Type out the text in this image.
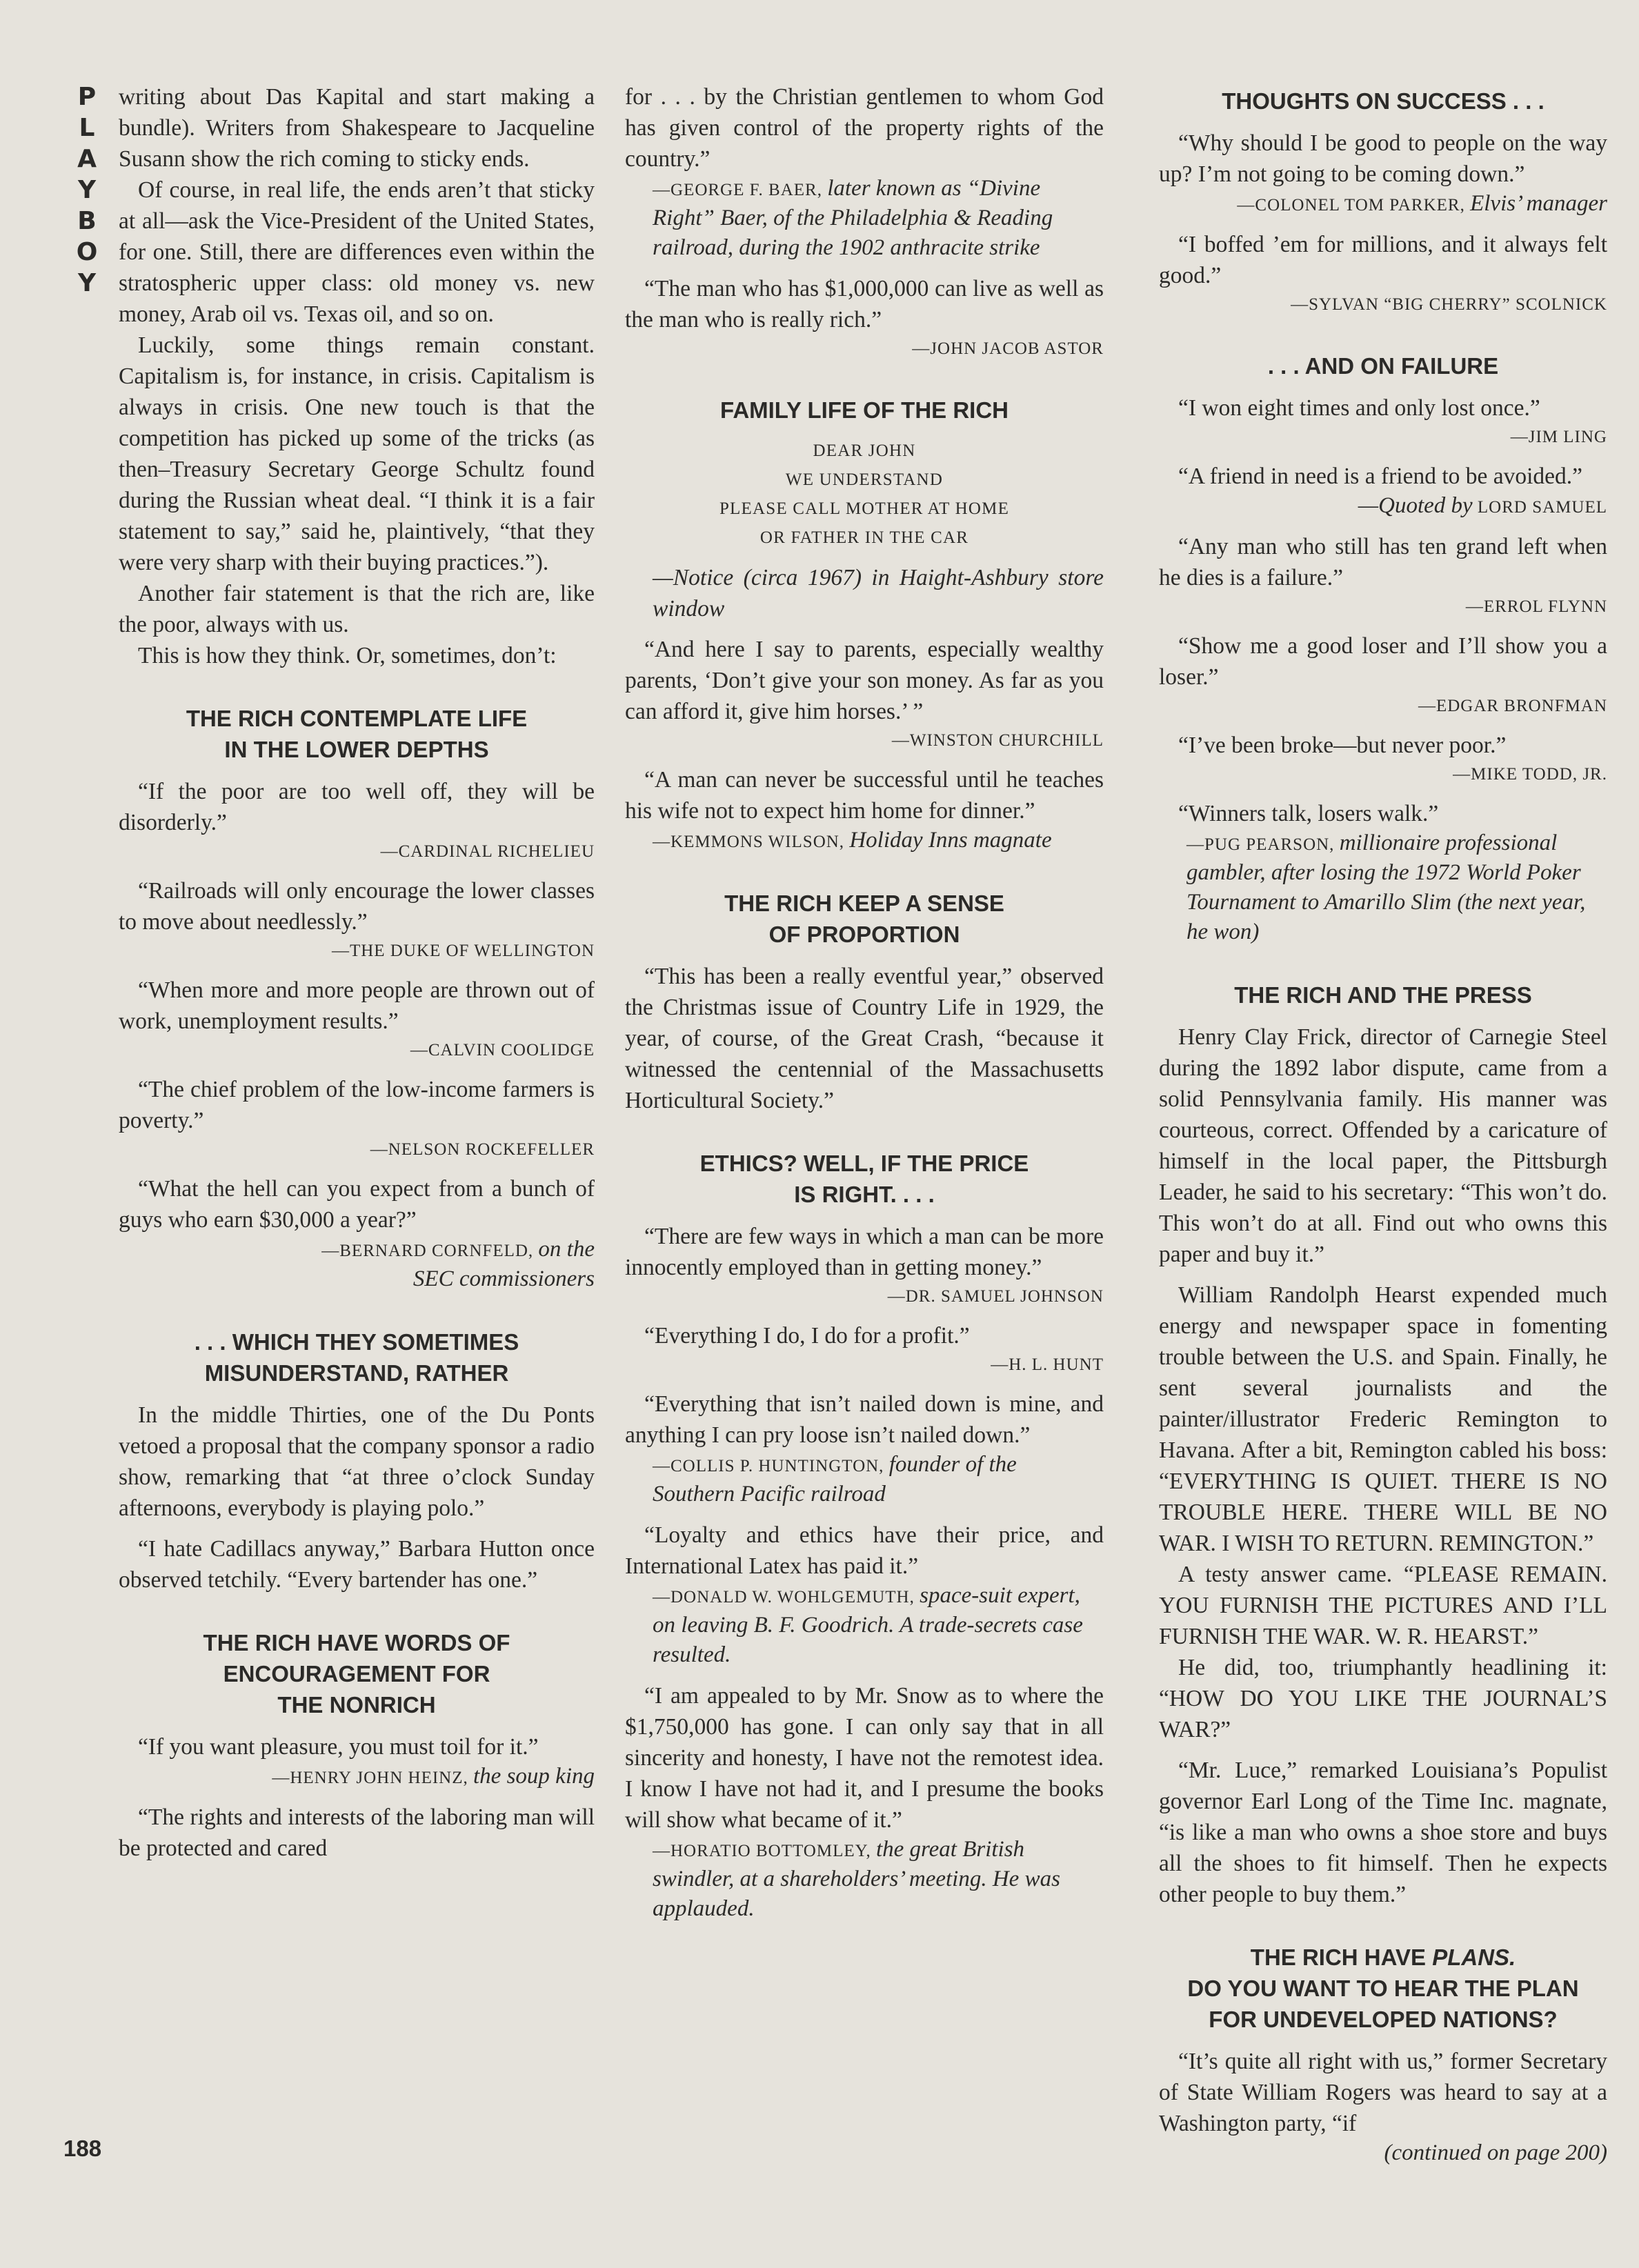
P
L
A
Y
B
O
Y
188

writing about Das Kapital and start making a bundle). Writers from Shakespeare to Jacqueline Susann show the rich coming to sticky ends.

Of course, in real life, the ends aren’t that sticky at all—ask the Vice-President of the United States, for one. Still, there are differences even within the stratospheric upper class: old money vs. new money, Arab oil vs. Texas oil, and so on.

Luckily, some things remain constant. Capitalism is, for instance, in crisis. Capitalism is always in crisis. One new touch is that the competition has picked up some of the tricks (as then–Treasury Secretary George Schultz found during the Russian wheat deal. “I think it is a fair statement to say,” said he, plaintively, “that they were very sharp with their buying practices.”).

Another fair statement is that the rich are, like the poor, always with us.

This is how they think. Or, sometimes, don’t:

THE RICH CONTEMPLATE LIFE
IN THE LOWER DEPTHS

“If the poor are too well off, they will be disorderly.”

—CARDINAL RICHELIEU

“Railroads will only encourage the lower classes to move about needlessly.”

—THE DUKE OF WELLINGTON

“When more and more people are thrown out of work, unemployment results.”

—CALVIN COOLIDGE

“The chief problem of the low-income farmers is poverty.”

—NELSON ROCKEFELLER

“What the hell can you expect from a bunch of guys who earn $30,000 a year?”

—BERNARD CORNFELD, on the
SEC commissioners

. . . WHICH THEY SOMETIMES
MISUNDERSTAND, RATHER

In the middle Thirties, one of the Du Ponts vetoed a proposal that the company sponsor a radio show, remarking that “at three o’clock Sunday afternoons, everybody is playing polo.”

“I hate Cadillacs anyway,” Barbara Hutton once observed tetchily. “Every bartender has one.”

THE RICH HAVE WORDS OF
ENCOURAGEMENT FOR
THE NONRICH

“If you want pleasure, you must toil for it.”

—HENRY JOHN HEINZ, the soup king

“The rights and interests of the laboring man will be protected and cared

for . . . by the Christian gentlemen to whom God has given control of the property rights of the country.”

—GEORGE F. BAER, later known as “Divine Right” Baer, of the Philadelphia & Reading railroad, during the 1902 anthracite strike

“The man who has $1,000,000 can live as well as the man who is really rich.”

—JOHN JACOB ASTOR

FAMILY LIFE OF THE RICH
DEAR JOHN
WE UNDERSTAND
PLEASE CALL MOTHER AT HOME
OR FATHER IN THE CAR

—Notice (circa 1967) in Haight-Ashbury store window

“And here I say to parents, especially wealthy parents, ‘Don’t give your son money. As far as you can afford it, give him horses.’ ”

—WINSTON CHURCHILL

“A man can never be successful until he teaches his wife not to expect him home for dinner.”

—KEMMONS WILSON, Holiday Inns magnate

THE RICH KEEP A SENSE
OF PROPORTION

“This has been a really eventful year,” observed the Christmas issue of Country Life in 1929, the year, of course, of the Great Crash, “because it witnessed the centennial of the Massachusetts Horticultural Society.”

ETHICS? WELL, IF THE PRICE
IS RIGHT. . . .

“There are few ways in which a man can be more innocently employed than in getting money.”

—DR. SAMUEL JOHNSON

“Everything I do, I do for a profit.”

—H. L. HUNT

“Everything that isn’t nailed down is mine, and anything I can pry loose isn’t nailed down.”

—COLLIS P. HUNTINGTON, founder of the Southern Pacific railroad

“Loyalty and ethics have their price, and International Latex has paid it.”

—DONALD W. WOHLGEMUTH, space-suit expert, on leaving B. F. Goodrich. A trade-secrets case resulted.

“I am appealed to by Mr. Snow as to where the $1,750,000 has gone. I can only say that in all sincerity and honesty, I have not the remotest idea. I know I have not had it, and I presume the books will show what became of it.”

—HORATIO BOTTOMLEY, the great British swindler, at a shareholders’ meeting. He was applauded.

THOUGHTS ON SUCCESS . . .

“Why should I be good to people on the way up? I’m not going to be coming down.”

—COLONEL TOM PARKER, Elvis’ manager

“I boffed ’em for millions, and it always felt good.”

—SYLVAN “BIG CHERRY” SCOLNICK

. . . AND ON FAILURE

“I won eight times and only lost once.”

—JIM LING

“A friend in need is a friend to be avoided.”

—Quoted by LORD SAMUEL

“Any man who still has ten grand left when he dies is a failure.”

—ERROL FLYNN

“Show me a good loser and I’ll show you a loser.”

—EDGAR BRONFMAN

“I’ve been broke—but never poor.”

—MIKE TODD, JR.

“Winners talk, losers walk.”

—PUG PEARSON, millionaire professional gambler, after losing the 1972 World Poker Tournament to Amarillo Slim (the next year, he won)

THE RICH AND THE PRESS

Henry Clay Frick, director of Carnegie Steel during the 1892 labor dispute, came from a solid Pennsylvania family. His manner was courteous, correct. Offended by a caricature of himself in the local paper, the Pittsburgh Leader, he said to his secretary: “This won’t do. This won’t do at all. Find out who owns this paper and buy it.”

William Randolph Hearst expended much energy and newspaper space in fomenting trouble between the U.S. and Spain. Finally, he sent several journalists and the painter/illustrator Frederic Remington to Havana. After a bit, Remington cabled his boss: “EVERYTHING IS QUIET. THERE IS NO TROUBLE HERE. THERE WILL BE NO WAR. I WISH TO RETURN. REMINGTON.”

A testy answer came. “PLEASE REMAIN. YOU FURNISH THE PICTURES AND I’LL FURNISH THE WAR. W. R. HEARST.”

He did, too, triumphantly headlining it: “HOW DO YOU LIKE THE JOURNAL’S WAR?”

“Mr. Luce,” remarked Louisiana’s Populist governor Earl Long of the Time Inc. magnate, “is like a man who owns a shoe store and buys all the shoes to fit himself. Then he expects other people to buy them.”

THE RICH HAVE PLANS.
DO YOU WANT TO HEAR THE PLAN
FOR UNDEVELOPED NATIONS?

“It’s quite all right with us,” former Secretary of State William Rogers was heard to say at a Washington party, “if

(continued on page 200)
